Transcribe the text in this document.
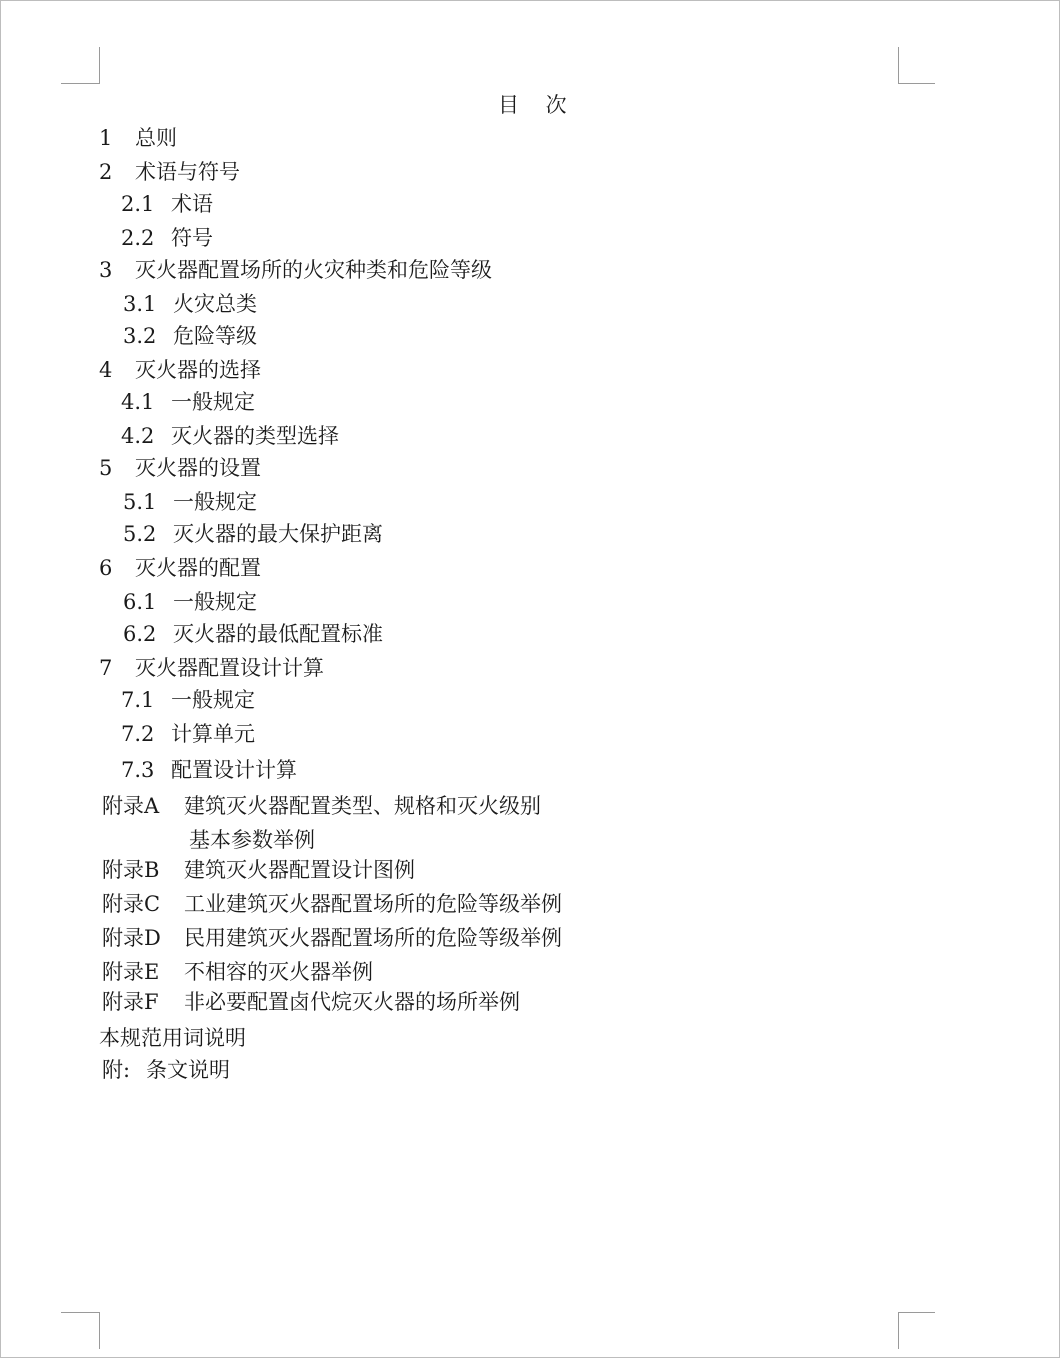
目 次
1 总则
2 术语与符号
2.1 术语
2.2 符号
3 灭火器配置场所的火灾种类和危险等级
3.1 火灾总类
3.2 危险等级
4 灭火器的选择
4.1 一般规定
4.2 灭火器的类型选择
5 灭火器的设置
5.1 一般规定
5.2 灭火器的最大保护距离
6 灭火器的配置
6.1 一般规定
6.2 灭火器的最低配置标准
7 灭火器配置设计计算
7.1 一般规定
7.2 计算单元
7.3 配置设计计算
附录A 建筑灭火器配置类型、规格和灭火级别
基本参数举例
附录B 建筑灭火器配置设计图例
附录C 工业建筑灭火器配置场所的危险等级举例
附录D 民用建筑灭火器配置场所的危险等级举例
附录E 不相容的灭火器举例
附录F 非必要配置卤代烷灭火器的场所举例
本规范用词说明
附: 条文说明
